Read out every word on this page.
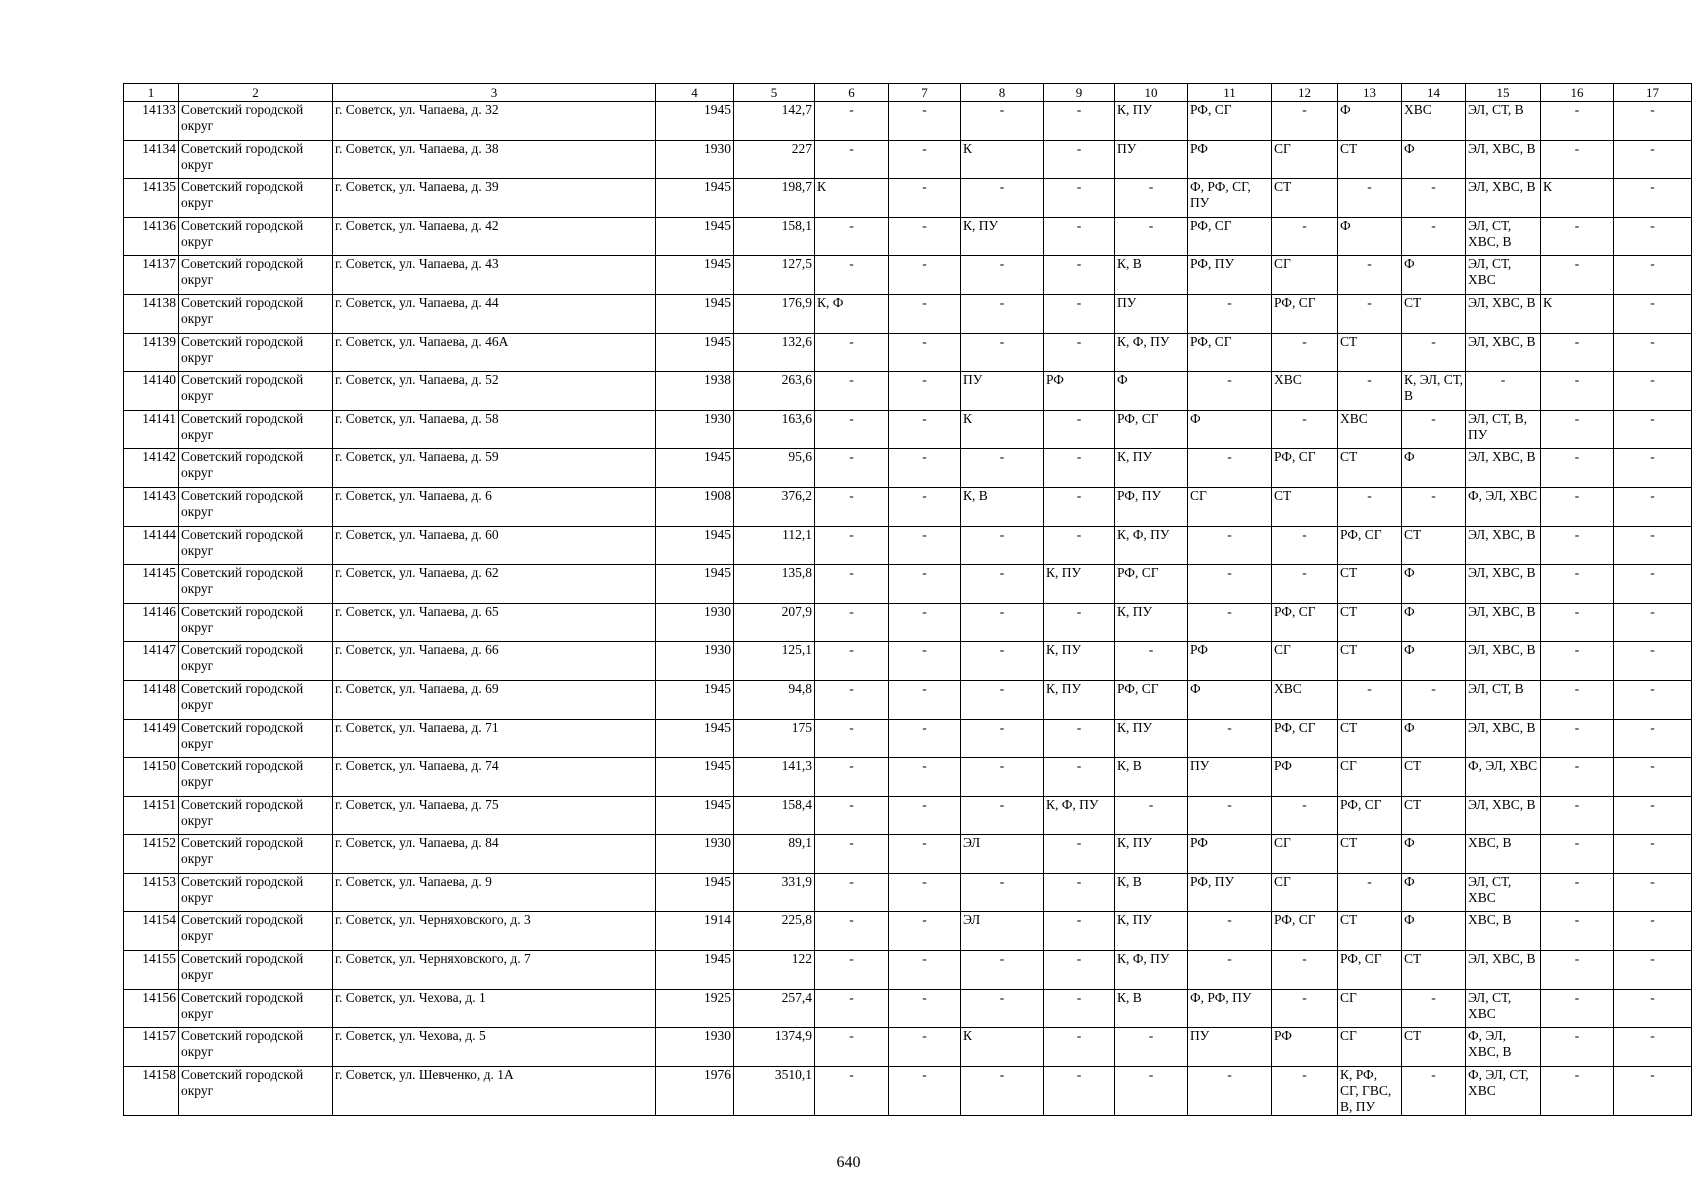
1	2	3	4	5	6	7	8	9	10	11	12	13	14	15	16	17
14133	Советский городской округ	г. Советск, ул. Чапаева, д. 32	1945	142,7	-	-	-	-	К, ПУ	РФ, СГ	-	Ф	ХВС	ЭЛ, СТ, В	-	-
14134	Советский городской округ	г. Советск, ул. Чапаева, д. 38	1930	227	-	-	К	-	ПУ	РФ	СГ	СТ	Ф	ЭЛ, ХВС, В	-	-
14135	Советский городской округ	г. Советск, ул. Чапаева, д. 39	1945	198,7	К	-	-	-	-	Ф, РФ, СГ, ПУ	СТ	-	-	ЭЛ, ХВС, В	К	-
14136	Советский городской округ	г. Советск, ул. Чапаева, д. 42	1945	158,1	-	-	К, ПУ	-	-	РФ, СГ	-	Ф	-	ЭЛ, СТ, ХВС, В	-	-
14137	Советский городской округ	г. Советск, ул. Чапаева, д. 43	1945	127,5	-	-	-	-	К, В	РФ, ПУ	СГ	-	Ф	ЭЛ, СТ, ХВС	-	-
14138	Советский городской округ	г. Советск, ул. Чапаева, д. 44	1945	176,9	К, Ф	-	-	-	ПУ	-	РФ, СГ	-	СТ	ЭЛ, ХВС, В	К	-
14139	Советский городской округ	г. Советск, ул. Чапаева, д. 46А	1945	132,6	-	-	-	-	К, Ф, ПУ	РФ, СГ	-	СТ	-	ЭЛ, ХВС, В	-	-
14140	Советский городской округ	г. Советск, ул. Чапаева, д. 52	1938	263,6	-	-	ПУ	РФ	Ф	-	ХВС	-	К, ЭЛ, СТ, В	-	-	-
14141	Советский городской округ	г. Советск, ул. Чапаева, д. 58	1930	163,6	-	-	К	-	РФ, СГ	Ф	-	ХВС	-	ЭЛ, СТ, В, ПУ	-	-
14142	Советский городской округ	г. Советск, ул. Чапаева, д. 59	1945	95,6	-	-	-	-	К, ПУ	-	РФ, СГ	СТ	Ф	ЭЛ, ХВС, В	-	-
14143	Советский городской округ	г. Советск, ул. Чапаева, д. 6	1908	376,2	-	-	К, В	-	РФ, ПУ	СГ	СТ	-	-	Ф, ЭЛ, ХВС	-	-
14144	Советский городской округ	г. Советск, ул. Чапаева, д. 60	1945	112,1	-	-	-	-	К, Ф, ПУ	-	-	РФ, СГ	СТ	ЭЛ, ХВС, В	-	-
14145	Советский городской округ	г. Советск, ул. Чапаева, д. 62	1945	135,8	-	-	-	К, ПУ	РФ, СГ	-	-	СТ	Ф	ЭЛ, ХВС, В	-	-
14146	Советский городской округ	г. Советск, ул. Чапаева, д. 65	1930	207,9	-	-	-	-	К, ПУ	-	РФ, СГ	СТ	Ф	ЭЛ, ХВС, В	-	-
14147	Советский городской округ	г. Советск, ул. Чапаева, д. 66	1930	125,1	-	-	-	К, ПУ	-	РФ	СГ	СТ	Ф	ЭЛ, ХВС, В	-	-
14148	Советский городской округ	г. Советск, ул. Чапаева, д. 69	1945	94,8	-	-	-	К, ПУ	РФ, СГ	Ф	ХВС	-	-	ЭЛ, СТ, В	-	-
14149	Советский городской округ	г. Советск, ул. Чапаева, д. 71	1945	175	-	-	-	-	К, ПУ	-	РФ, СГ	СТ	Ф	ЭЛ, ХВС, В	-	-
14150	Советский городской округ	г. Советск, ул. Чапаева, д. 74	1945	141,3	-	-	-	-	К, В	ПУ	РФ	СГ	СТ	Ф, ЭЛ, ХВС	-	-
14151	Советский городской округ	г. Советск, ул. Чапаева, д. 75	1945	158,4	-	-	-	К, Ф, ПУ	-	-	-	РФ, СГ	СТ	ЭЛ, ХВС, В	-	-
14152	Советский городской округ	г. Советск, ул. Чапаева, д. 84	1930	89,1	-	-	ЭЛ	-	К, ПУ	РФ	СГ	СТ	Ф	ХВС, В	-	-
14153	Советский городской округ	г. Советск, ул. Чапаева, д. 9	1945	331,9	-	-	-	-	К, В	РФ, ПУ	СГ	-	Ф	ЭЛ, СТ, ХВС	-	-
14154	Советский городской округ	г. Советск, ул. Черняховского, д. 3	1914	225,8	-	-	ЭЛ	-	К, ПУ	-	РФ, СГ	СТ	Ф	ХВС, В	-	-
14155	Советский городской округ	г. Советск, ул. Черняховского, д. 7	1945	122	-	-	-	-	К, Ф, ПУ	-	-	РФ, СГ	СТ	ЭЛ, ХВС, В	-	-
14156	Советский городской округ	г. Советск, ул. Чехова, д. 1	1925	257,4	-	-	-	-	К, В	Ф, РФ, ПУ	-	СГ	-	ЭЛ, СТ, ХВС	-	-
14157	Советский городской округ	г. Советск, ул. Чехова, д. 5	1930	1374,9	-	-	К	-	-	ПУ	РФ	СГ	СТ	Ф, ЭЛ, ХВС, В	-	-
14158	Советский городской округ	г. Советск, ул. Шевченко, д. 1А	1976	3510,1	-	-	-	-	-	-	-	К, РФ, СГ, ГВС, В, ПУ	-	Ф, ЭЛ, СТ, ХВС	-	-
640
